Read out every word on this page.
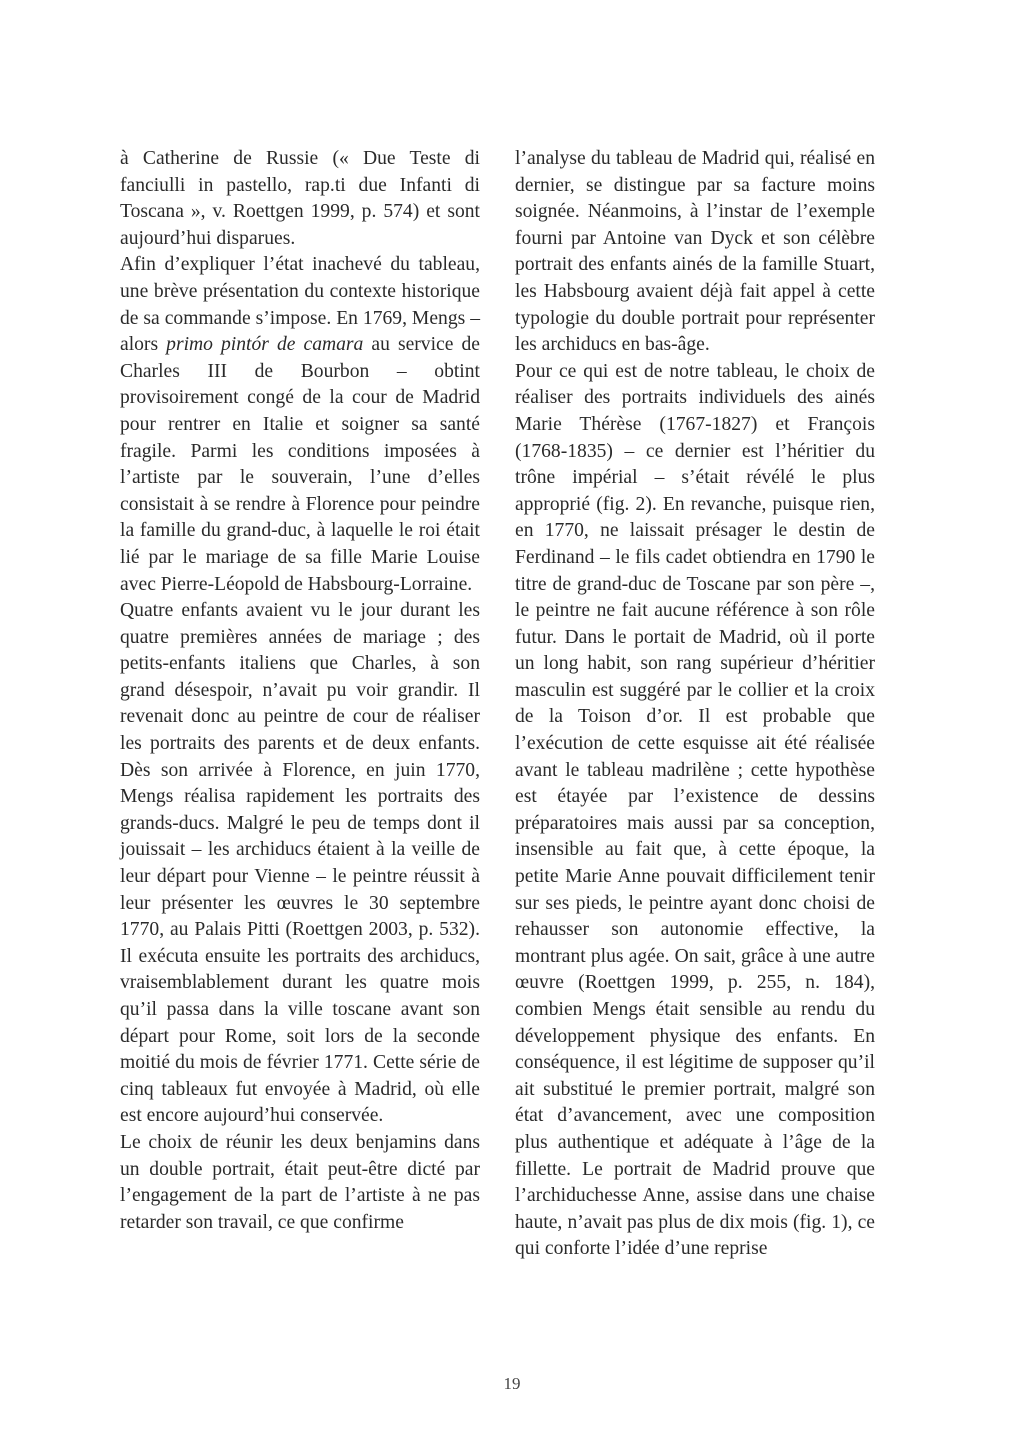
à Catherine de Russie (« Due Teste di fanciulli in pastello, rap.ti due Infanti di Toscana », v. Roettgen 1999, p. 574) et sont aujourd’hui disparues.

Afin d’expliquer l’état inachevé du tableau, une brève présentation du contexte historique de sa commande s’impose. En 1769, Mengs – alors primo pintór de camara au service de Charles III de Bourbon – obtint provisoirement congé de la cour de Madrid pour rentrer en Italie et soigner sa santé fragile. Parmi les conditions imposées à l’artiste par le souverain, l’une d’elles consistait à se rendre à Florence pour peindre la famille du grand-duc, à laquelle le roi était lié par le mariage de sa fille Marie Louise avec Pierre-Léopold de Habsbourg-Lorraine.

Quatre enfants avaient vu le jour durant les quatre premières années de mariage ; des petits-enfants italiens que Charles, à son grand désespoir, n’avait pu voir grandir. Il revenait donc au peintre de cour de réaliser les portraits des parents et de deux enfants. Dès son arrivée à Florence, en juin 1770, Mengs réalisa rapidement les portraits des grands-ducs. Malgré le peu de temps dont il jouissait – les archiducs étaient à la veille de leur départ pour Vienne – le peintre réussit à leur présenter les œuvres le 30 septembre 1770, au Palais Pitti (Roettgen 2003, p. 532). Il exécuta ensuite les portraits des archiducs, vraisemblablement durant les quatre mois qu’il passa dans la ville toscane avant son départ pour Rome, soit lors de la seconde moitié du mois de février 1771. Cette série de cinq tableaux fut envoyée à Madrid, où elle est encore aujourd’hui conservée.

Le choix de réunir les deux benjamins dans un double portrait, était peut-être dicté par l’engagement de la part de l’artiste à ne pas retarder son travail, ce que confirme

l’analyse du tableau de Madrid qui, réalisé en dernier, se distingue par sa facture moins soignée. Néanmoins, à l’instar de l’exemple fourni par Antoine van Dyck et son célèbre portrait des enfants ainés de la famille Stuart, les Habsbourg avaient déjà fait appel à cette typologie du double portrait pour représenter les archiducs en bas-âge.

Pour ce qui est de notre tableau, le choix de réaliser des portraits individuels des ainés Marie Thérèse (1767-1827) et François (1768-1835) – ce dernier est l’héritier du trône impérial – s’était révélé le plus approprié (fig. 2). En revanche, puisque rien, en 1770, ne laissait présager le destin de Ferdinand – le fils cadet obtiendra en 1790 le titre de grand-duc de Toscane par son père –, le peintre ne fait aucune référence à son rôle futur. Dans le portait de Madrid, où il porte un long habit, son rang supérieur d’héritier masculin est suggéré par le collier et la croix de la Toison d’or. Il est probable que l’exécution de cette esquisse ait été réalisée avant le tableau madrilène ; cette hypothèse est étayée par l’existence de dessins préparatoires mais aussi par sa conception, insensible au fait que, à cette époque, la petite Marie Anne pouvait difficilement tenir sur ses pieds, le peintre ayant donc choisi de rehausser son autonomie effective, la montrant plus agée. On sait, grâce à une autre œuvre (Roettgen 1999, p. 255, n. 184), combien Mengs était sensible au rendu du développement physique des enfants. En conséquence, il est légitime de supposer qu’il ait substitué le premier portrait, malgré son état d’avancement, avec une composition plus authentique et adéquate à l’âge de la fillette. Le portrait de Madrid prouve que l’archiduchesse Anne, assise dans une chaise haute, n’avait pas plus de dix mois (fig. 1), ce qui conforte l’idée d’une reprise

19
